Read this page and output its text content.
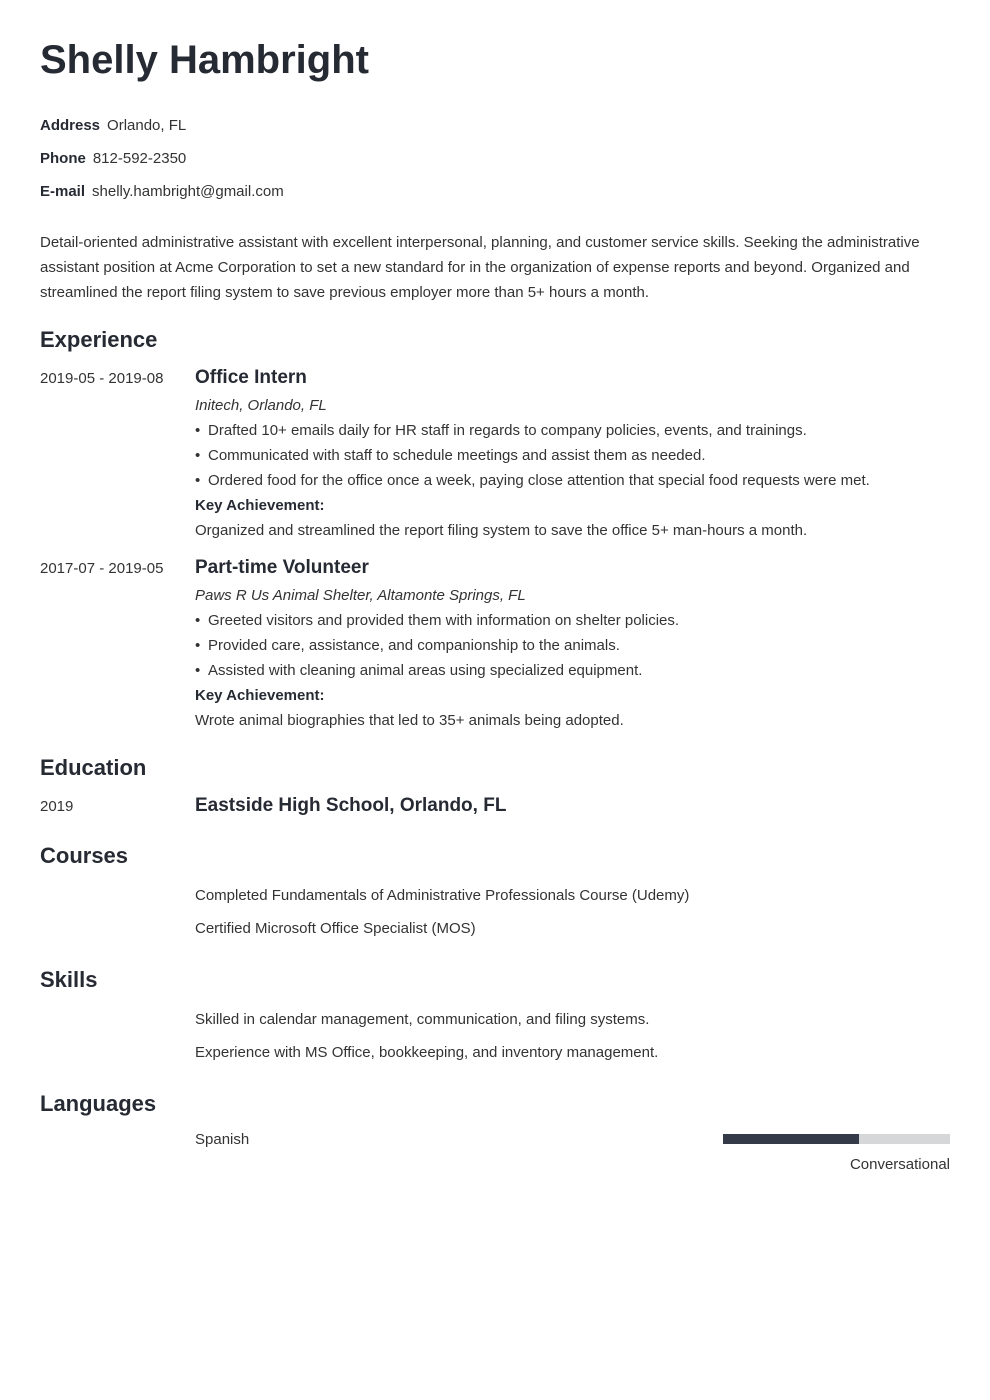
Shelly Hambright
Address Orlando, FL
Phone 812-592-2350
E-mail shelly.hambright@gmail.com

Detail-oriented administrative assistant with excellent interpersonal, planning, and customer service skills. Seeking the administrative assistant position at Acme Corporation to set a new standard for in the organization of expense reports and beyond. Organized and streamlined the report filing system to save previous employer more than 5+ hours a month.

Experience
2019-05 - 2019-08	Office Intern
Initech, Orlando, FL
• Drafted 10+ emails daily for HR staff in regards to company policies, events, and trainings.
• Communicated with staff to schedule meetings and assist them as needed.
• Ordered food for the office once a week, paying close attention that special food requests were met.
Key Achievement:
Organized and streamlined the report filing system to save the office 5+ man-hours a month.
2017-07 - 2019-05	Part-time Volunteer
Paws R Us Animal Shelter, Altamonte Springs, FL
• Greeted visitors and provided them with information on shelter policies.
• Provided care, assistance, and companionship to the animals.
• Assisted with cleaning animal areas using specialized equipment.
Key Achievement:
Wrote animal biographies that led to 35+ animals being adopted.
Education
2019	Eastside High School, Orlando, FL
Courses
Completed Fundamentals of Administrative Professionals Course (Udemy)
Certified Microsoft Office Specialist (MOS)
Skills
Skilled in calendar management, communication, and filing systems.
Experience with MS Office, bookkeeping, and inventory management.
Languages
Spanish
Conversational
